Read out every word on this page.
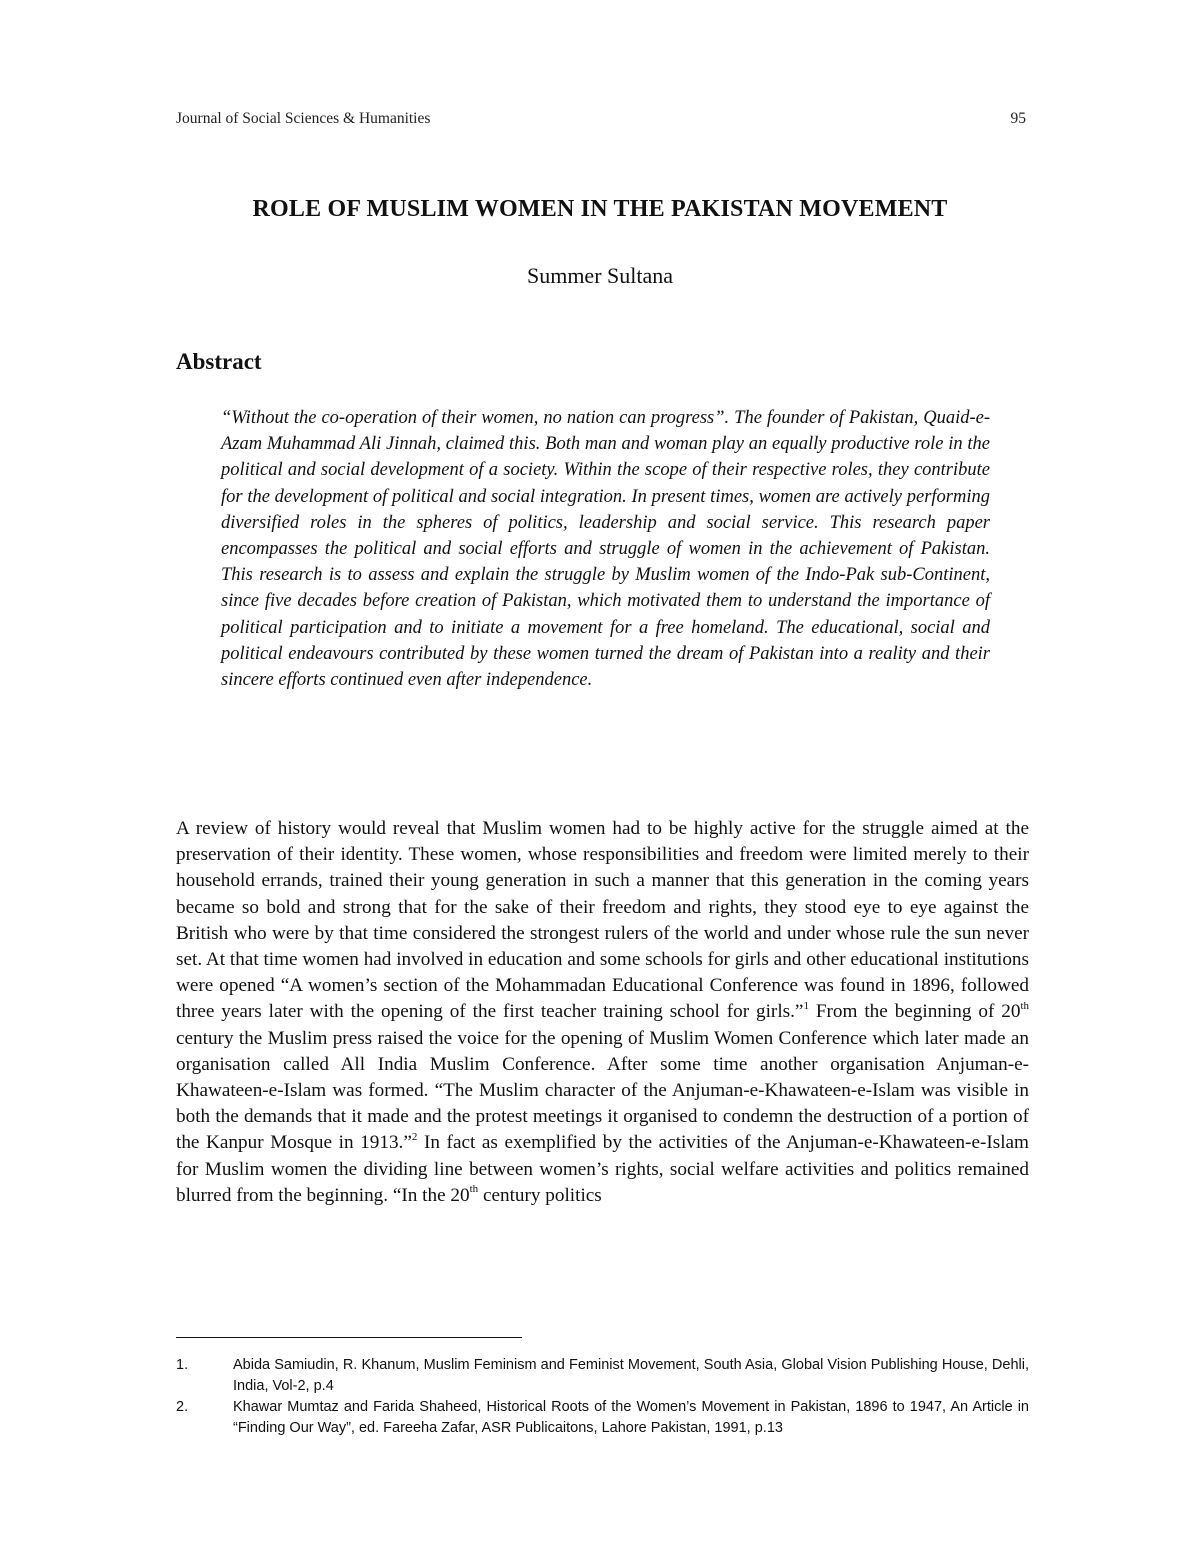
Journal of Social Sciences & Humanities	95
ROLE OF MUSLIM WOMEN IN THE PAKISTAN MOVEMENT
Summer Sultana
Abstract
“Without the co-operation of their women, no nation can progress”. The founder of Pakistan, Quaid-e-Azam Muhammad Ali Jinnah, claimed this. Both man and woman play an equally productive role in the political and social development of a society. Within the scope of their respective roles, they contribute for the development of political and social integration. In present times, women are actively performing diversified roles in the spheres of politics, leadership and social service. This research paper encompasses the political and social efforts and struggle of women in the achievement of Pakistan. This research is to assess and explain the struggle by Muslim women of the Indo-Pak sub-Continent, since five decades before creation of Pakistan, which motivated them to understand the importance of political participation and to initiate a movement for a free homeland. The educational, social and political endeavours contributed by these women turned the dream of Pakistan into a reality and their sincere efforts continued even after independence.
A review of history would reveal that Muslim women had to be highly active for the struggle aimed at the preservation of their identity. These women, whose responsibilities and freedom were limited merely to their household errands, trained their young generation in such a manner that this generation in the coming years became so bold and strong that for the sake of their freedom and rights, they stood eye to eye against the British who were by that time considered the strongest rulers of the world and under whose rule the sun never set. At that time women had involved in education and some schools for girls and other educational institutions were opened “A women’s section of the Mohammadan Educational Conference was found in 1896, followed three years later with the opening of the first teacher training school for girls.”$^1$ From the beginning of 20th century the Muslim press raised the voice for the opening of Muslim Women Conference which later made an organisation called All India Muslim Conference. After some time another organisation Anjuman-e-Khawateen-e-Islam was formed. “The Muslim character of the Anjuman-e-Khawateen-e-Islam was visible in both the demands that it made and the protest meetings it organised to condemn the destruction of a portion of the Kanpur Mosque in 1913.”$^2$ In fact as exemplified by the activities of the Anjuman-e-Khawateen-e-Islam for Muslim women the dividing line between women’s rights, social welfare activities and politics remained blurred from the beginning. “In the 20th century politics
1.	Abida Samiudin, R. Khanum, Muslim Feminism and Feminist Movement, South Asia, Global Vision Publishing House, Dehli, India, Vol-2, p.4
2.	Khawar Mumtaz and Farida Shaheed, Historical Roots of the Women’s Movement in Pakistan, 1896 to 1947, An Article in “Finding Our Way”, ed. Fareeha Zafar, ASR Publicaitons, Lahore Pakistan, 1991, p.13
